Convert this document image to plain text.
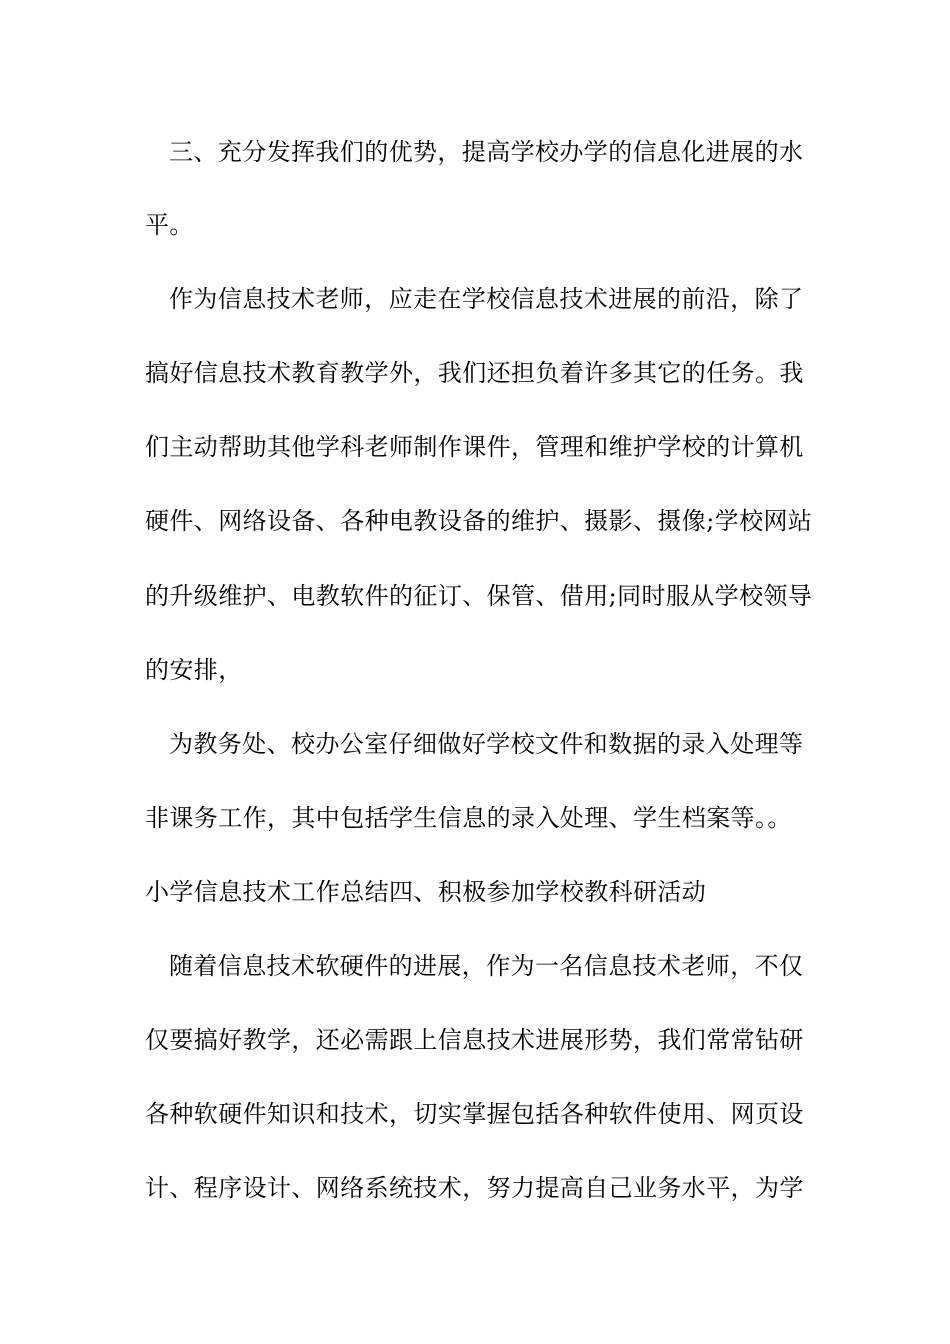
三、充分发挥我们的优势，提高学校办学的信息化进展的水
平。
作为信息技术老师，应走在学校信息技术进展的前沿，除了
搞好信息技术教育教学外，我们还担负着许多其它的任务。我
们主动帮助其他学科老师制作课件，管理和维护学校的计算机
硬件、网络设备、各种电教设备的维护、摄影、摄像;学校网站
的升级维护、电教软件的征订、保管、借用;同时服从学校领导
的安排，
为教务处、校办公室仔细做好学校文件和数据的录入处理等
非课务工作，其中包括学生信息的录入处理、学生档案等。。
小学信息技术工作总结四、积极参加学校教科研活动
随着信息技术软硬件的进展，作为一名信息技术老师，不仅
仅要搞好教学，还必需跟上信息技术进展形势，我们常常钻研
各种软硬件知识和技术，切实掌握包括各种软件使用、网页设
计、程序设计、网络系统技术，努力提高自己业务水平，为学
